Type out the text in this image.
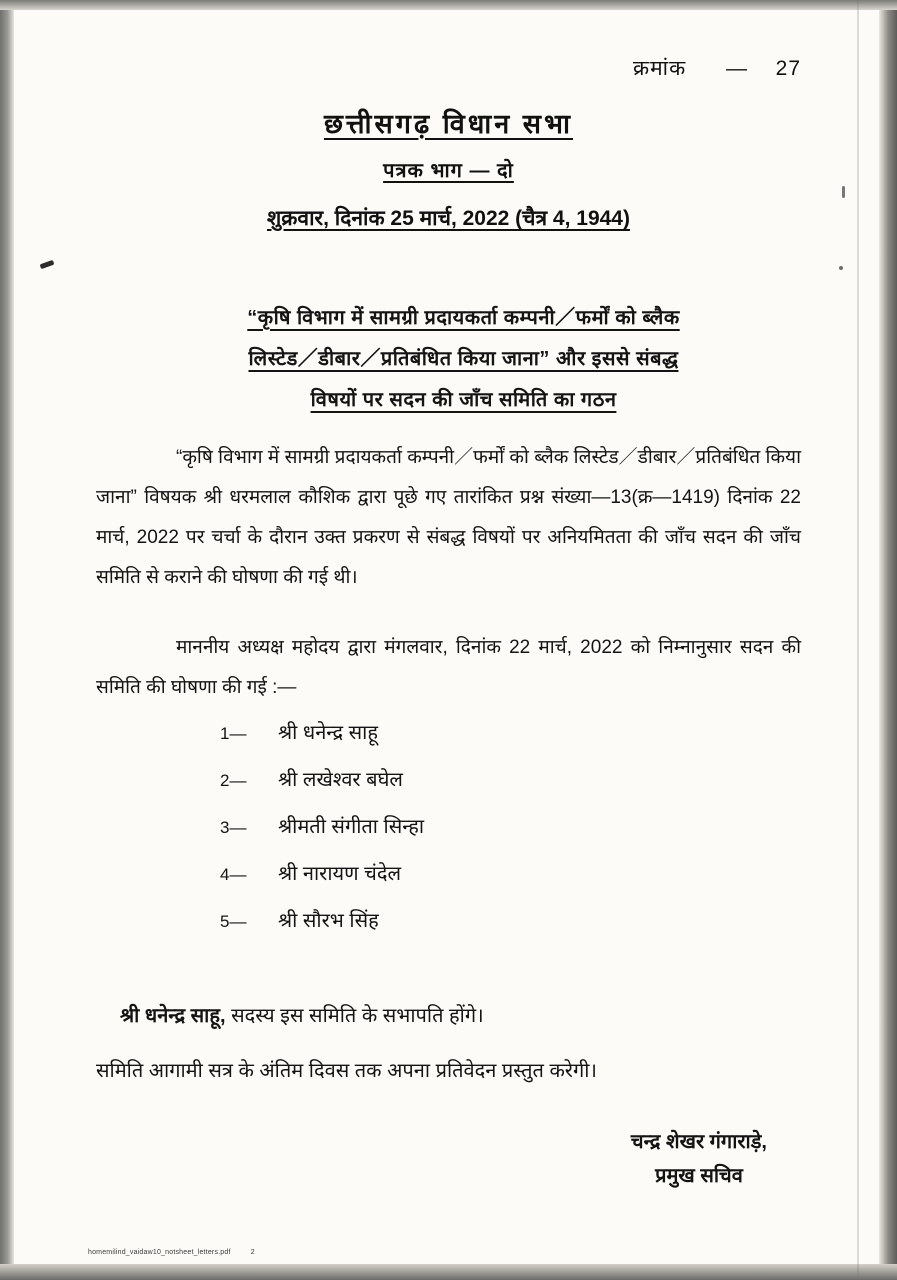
क्रमांक — 27
छत्तीसगढ़ विधान सभा
पत्रक भाग — दो
शुक्रवार, दिनांक 25 मार्च, 2022 (चैत्र 4, 1944)
“कृषि विभाग में सामग्री प्रदायकर्ता कम्पनी／फर्मों को ब्लैक
लिस्टेड／डीबार／प्रतिबंधित किया जाना” और इससे संबद्ध
विषयों पर सदन की जॉंच समिति का गठन
“कृषि विभाग में सामग्री प्रदायकर्ता कम्पनी／फर्मों को ब्लैक लिस्टेड／डीबार／प्रतिबंधित किया जाना” विषयक श्री धरमलाल कौशिक द्वारा पूछे गए तारांकित प्रश्न संख्या—13(क्र—1419) दिनांक 22 मार्च, 2022 पर चर्चा के दौरान उक्त प्रकरण से संबद्ध विषयों पर अनियमितता की जॉंच सदन की जॉंच समिति से कराने की घोषणा की गई थी।
माननीय अध्यक्ष महोदय द्वारा मंगलवार, दिनांक 22 मार्च, 2022 को निम्नानुसार सदन की समिति की घोषणा की गई :—
1—	श्री धनेन्द्र साहू
2—	श्री लखेश्वर बघेल
3—	श्रीमती संगीता सिन्हा
4—	श्री नारायण चंदेल
5—	श्री सौरभ सिंह
श्री धनेन्द्र साहू, सदस्य इस समिति के सभापति होंगे।
समिति आगामी सत्र के अंतिम दिवस तक अपना प्रतिवेदन प्रस्तुत करेगी।
चन्द्र शेखर गंगाराड़े,
प्रमुख सचिव
homemilind_vaidaw10_notsheet_letters.pdf	2
